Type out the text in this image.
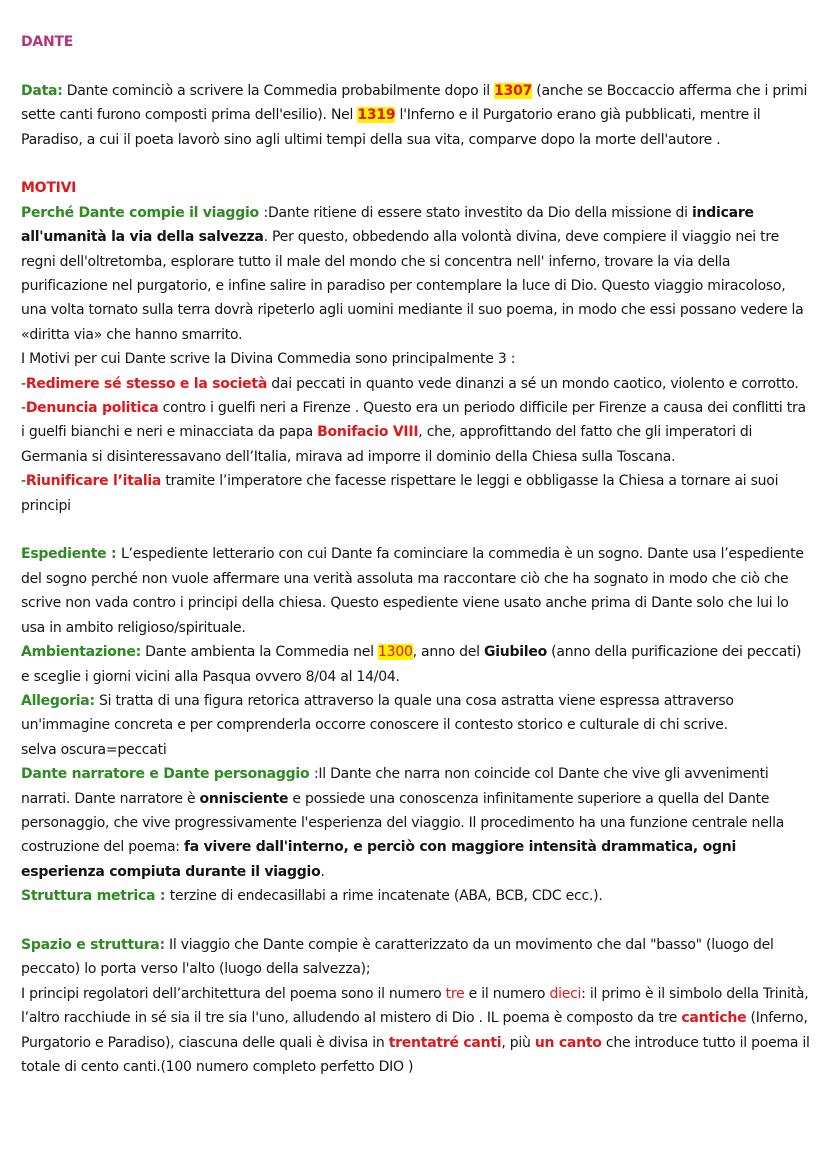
DANTE

Data: Dante cominciò a scrivere la Commedia probabilmente dopo il 1307 (anche se Boccaccio afferma che i primi sette canti furono composti prima dell'esilio). Nel 1319 l'Inferno e il Purgatorio erano già pubblicati, mentre il Paradiso, a cui il poeta lavorò sino agli ultimi tempi della sua vita, comparve dopo la morte dell'autore .

MOTIVI

Perché Dante compie il viaggio :Dante ritiene di essere stato investito da Dio della missione di indicare all'umanità la via della salvezza. Per questo, obbedendo alla volontà divina, deve compiere il viaggio nei tre regni dell'oltretomba, esplorare tutto il male del mondo che si concentra nell' inferno, trovare la via della purificazione nel purgatorio, e infine salire in paradiso per contemplare la luce di Dio. Questo viaggio miracoloso, una volta tornato sulla terra dovrà ripeterlo agli uomini mediante il suo poema, in modo che essi possano vedere la «diritta via» che hanno smarrito.

I Motivi per cui Dante scrive la Divina Commedia sono principalmente 3 :

-Redimere sé stesso e la società dai peccati in quanto vede dinanzi a sé un mondo caotico, violento e corrotto.

-Denuncia politica contro i guelfi neri a Firenze . Questo era un periodo difficile per Firenze a causa dei conflitti tra i guelfi bianchi e neri e minacciata da papa Bonifacio VIII, che, approfittando del fatto che gli imperatori di Germania si disinteressavano dell’Italia, mirava ad imporre il dominio della Chiesa sulla Toscana.

-Riunificare l’italia tramite l’imperatore che facesse rispettare le leggi e obbligasse la Chiesa a tornare ai suoi principi

Espediente : L’espediente letterario con cui Dante fa cominciare la commedia è un sogno. Dante usa l’espediente del sogno perché non vuole affermare una verità assoluta ma raccontare ciò che ha sognato in modo che ciò che scrive non vada contro i principi della chiesa. Questo espediente viene usato anche prima di Dante solo che lui lo usa in ambito religioso/spirituale.

Ambientazione: Dante ambienta la Commedia nel 1300, anno del Giubileo (anno della purificazione dei peccati) e sceglie i giorni vicini alla Pasqua ovvero 8/04 al 14/04.

Allegoria: Si tratta di una figura retorica attraverso la quale una cosa astratta viene espressa attraverso un'immagine concreta e per comprenderla occorre conoscere il contesto storico e culturale di chi scrive.

selva oscura=peccati

Dante narratore e Dante personaggio :Il Dante che narra non coincide col Dante che vive gli avvenimenti narrati. Dante narratore è onnisciente e possiede una conoscenza infinitamente superiore a quella del Dante personaggio, che vive progressivamente l'esperienza del viaggio. Il procedimento ha una funzione centrale nella costruzione del poema: fa vivere dall'interno, e perciò con maggiore intensità drammatica, ogni esperienza compiuta durante il viaggio.

Struttura metrica : terzine di endecasillabi a rime incatenate (ABA, BCB, CDC ecc.).

Spazio e struttura: Il viaggio che Dante compie è caratterizzato da un movimento che dal "basso" (luogo del peccato) lo porta verso l'alto (luogo della salvezza);

I principi regolatori dell’architettura del poema sono il numero tre e il numero dieci: il primo è il simbolo della Trinità, l’altro racchiude in sé sia il tre sia l'uno, alludendo al mistero di Dio . IL poema è composto da tre cantiche (Inferno, Purgatorio e Paradiso), ciascuna delle quali è divisa in trentatré canti, più un canto che introduce tutto il poema il totale di cento canti.(100 numero completo perfetto DIO )
